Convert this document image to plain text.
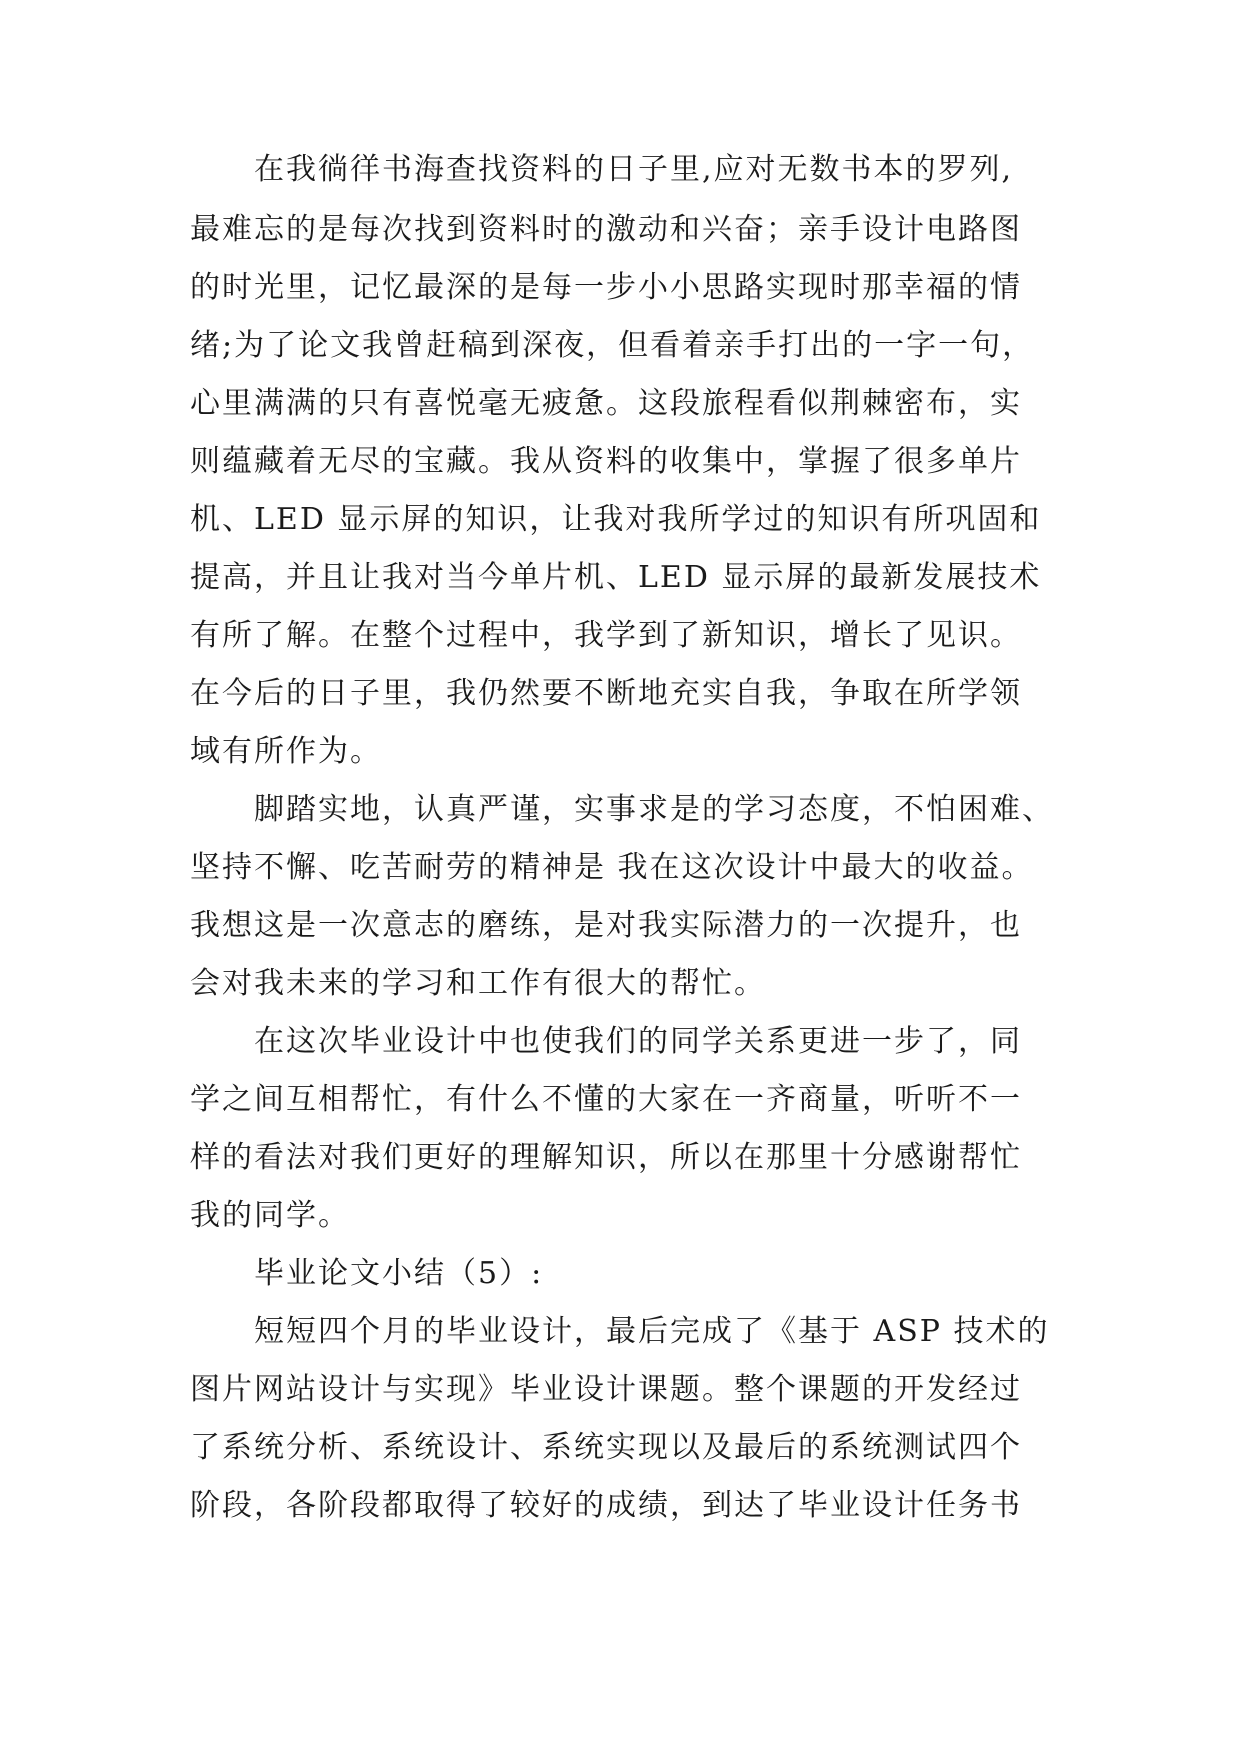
在我徜徉书海查找资料的日子里,应对无数书本的罗列,
最难忘的是每次找到资料时的激动和兴奋；亲手设计电路图
的时光里，记忆最深的是每一步小小思路实现时那幸福的情
绪;为了论文我曾赶稿到深夜，但看着亲手打出的一字一句，
心里满满的只有喜悦毫无疲惫。这段旅程看似荆棘密布，实
则蕴藏着无尽的宝藏。我从资料的收集中，掌握了很多单片
机、LED 显示屏的知识，让我对我所学过的知识有所巩固和
提高，并且让我对当今单片机、LED 显示屏的最新发展技术
有所了解。在整个过程中，我学到了新知识，增长了见识。
在今后的日子里，我仍然要不断地充实自我，争取在所学领
域有所作为。
脚踏实地，认真严谨，实事求是的学习态度，不怕困难、
坚持不懈、吃苦耐劳的精神是 我在这次设计中最大的收益。
我想这是一次意志的磨练，是对我实际潜力的一次提升，也
会对我未来的学习和工作有很大的帮忙。
在这次毕业设计中也使我们的同学关系更进一步了，同
学之间互相帮忙，有什么不懂的大家在一齐商量，听听不一
样的看法对我们更好的理解知识，所以在那里十分感谢帮忙
我的同学。
毕业论文小结（5）:
短短四个月的毕业设计，最后完成了《基于 ASP 技术的
图片网站设计与实现》毕业设计课题。整个课题的开发经过
了系统分析、系统设计、系统实现以及最后的系统测试四个
阶段，各阶段都取得了较好的成绩，到达了毕业设计任务书
